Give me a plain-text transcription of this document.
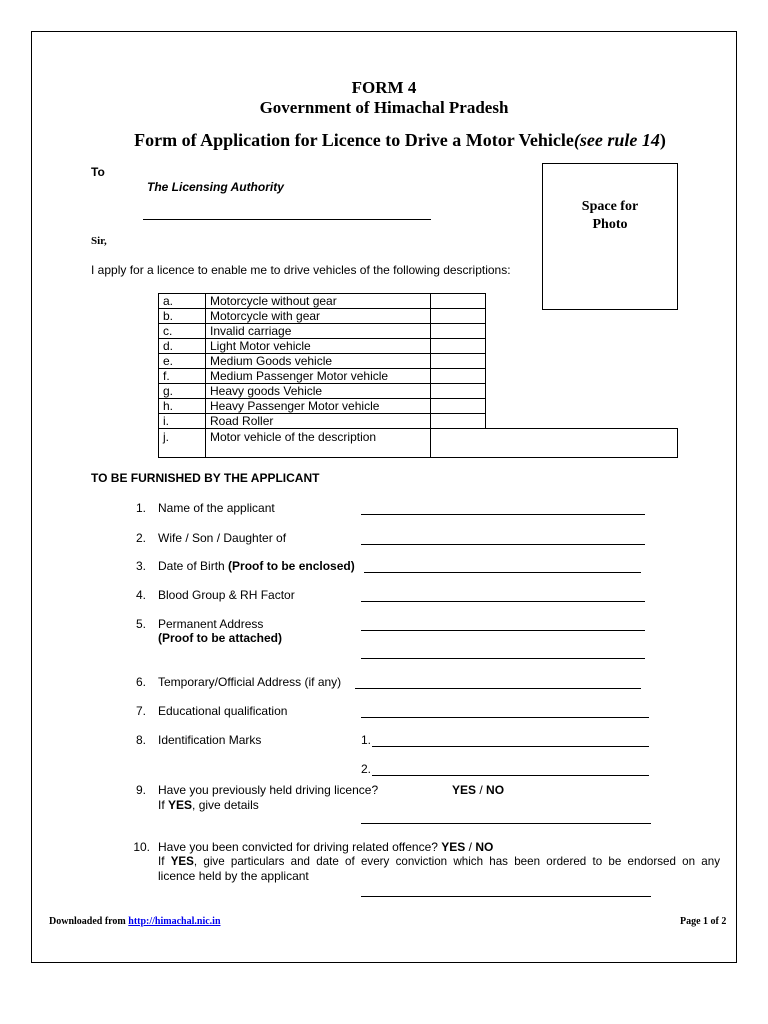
FORM 4
Government of Himachal Pradesh
Form of Application for Licence to Drive a Motor Vehicle(see rule 14)
To
The Licensing Authority
Sir,
Space for
Photo
I apply for a licence to enable me to drive vehicles of the following descriptions:
a.	Motorcycle without gear	
b.	Motorcycle with gear	
c.	Invalid carriage	
d.	Light Motor vehicle	
e.	Medium Goods vehicle	
f.	Medium Passenger Motor vehicle	
g.	Heavy goods Vehicle	
h.	Heavy Passenger Motor vehicle	
i.	Road Roller	
j.	Motor vehicle of the description
TO BE FURNISHED BY THE APPLICANT
1. Name of the applicant
2. Wife / Son / Daughter of
3. Date of Birth (Proof to be enclosed)
4. Blood Group & RH Factor
5. Permanent Address
(Proof to be attached)
6. Temporary/Official Address (if any)
7. Educational qualification
8. Identification Marks	1.
2.
9. Have you previously held driving licence?	YES / NO
If YES, give details
10. Have you been convicted for driving related offence? YES / NO
If YES, give particulars and date of every conviction which has been ordered to be endorsed on any
licence held by the applicant
Downloaded from http://himachal.nic.in	Page 1 of 2
